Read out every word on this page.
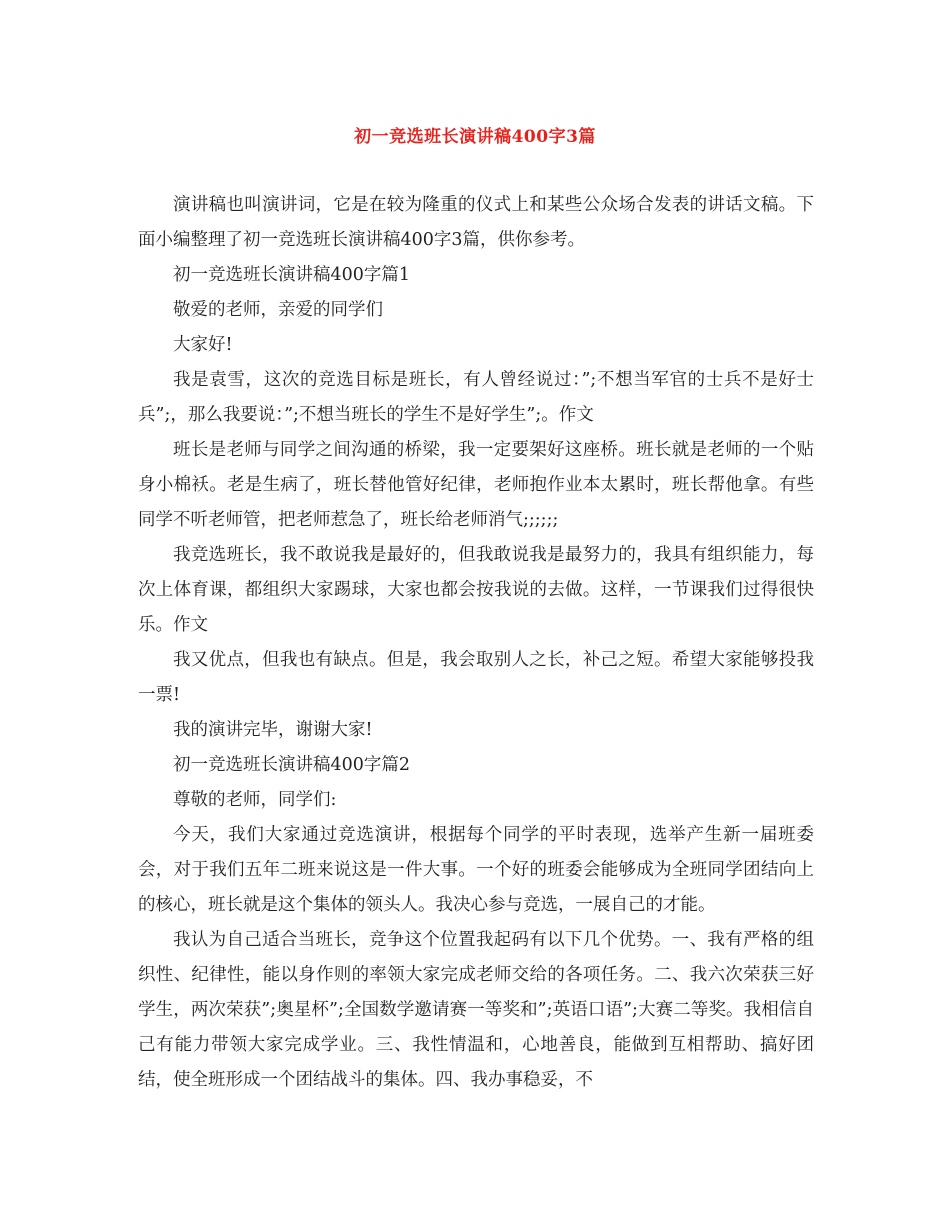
初一竞选班长演讲稿400字3篇

演讲稿也叫演讲词，它是在较为隆重的仪式上和某些公众场合发表的讲话文稿。下面小编整理了初一竞选班长演讲稿400字3篇，供你参考。

初一竞选班长演讲稿400字篇1

敬爱的老师，亲爱的同学们

大家好!

我是袁雪，这次的竞选目标是班长，有人曾经说过：”;不想当军官的士兵不是好士兵”;，那么我要说：”;不想当班长的学生不是好学生”;。作文

班长是老师与同学之间沟通的桥梁，我一定要架好这座桥。班长就是老师的一个贴身小棉袄。老是生病了，班长替他管好纪律，老师抱作业本太累时，班长帮他拿。有些同学不听老师管，把老师惹急了，班长给老师消气;;;;;;

我竞选班长，我不敢说我是最好的，但我敢说我是最努力的，我具有组织能力，每次上体育课，都组织大家踢球，大家也都会按我说的去做。这样，一节课我们过得很快乐。作文

我又优点，但我也有缺点。但是，我会取别人之长，补己之短。希望大家能够投我一票!

我的演讲完毕，谢谢大家!

初一竞选班长演讲稿400字篇2

尊敬的老师，同学们:

今天，我们大家通过竞选演讲，根据每个同学的平时表现，选举产生新一届班委会，对于我们五年二班来说这是一件大事。一个好的班委会能够成为全班同学团结向上的核心，班长就是这个集体的领头人。我决心参与竞选，一展自己的才能。

我认为自己适合当班长，竞争这个位置我起码有以下几个优势。一、我有严格的组织性、纪律性，能以身作则的率领大家完成老师交给的各项任务。二、我六次荣获三好学生，两次荣获”;奥星杯”;全国数学邀请赛一等奖和”;英语口语”;大赛二等奖。我相信自己有能力带领大家完成学业。三、我性情温和，心地善良，能做到互相帮助、搞好团结，使全班形成一个团结战斗的集体。四、我办事稳妥，不
